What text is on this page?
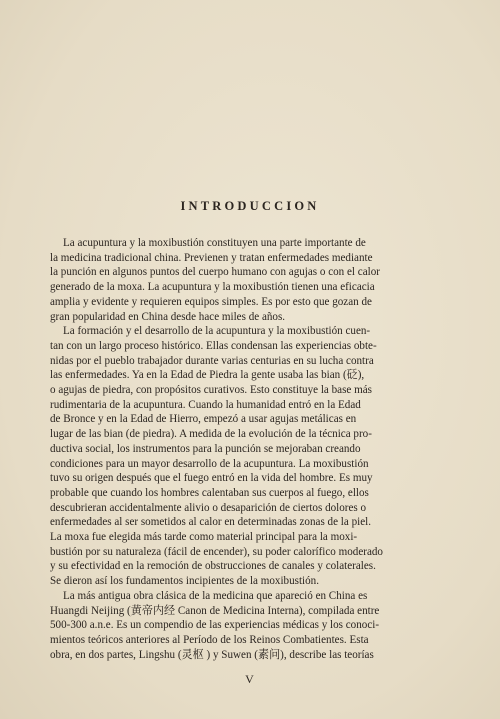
INTRODUCCION
La acupuntura y la moxibustión constituyen una parte importante de
la medicina tradicional china. Previenen y tratan enfermedades mediante
la punción en algunos puntos del cuerpo humano con agujas o con el calor
generado de la moxa. La acupuntura y la moxibustión tienen una eficacia
amplia y evidente y requieren equipos simples. Es por esto que gozan de
gran popularidad en China desde hace miles de años.
La formación y el desarrollo de la acupuntura y la moxibustión cuen-
tan con un largo proceso histórico. Ellas condensan las experiencias obte-
nidas por el pueblo trabajador durante varias centurias en su lucha contra
las enfermedades. Ya en la Edad de Piedra la gente usaba las bian (砭),
o agujas de piedra, con propósitos curativos. Esto constituye la base más
rudimentaria de la acupuntura. Cuando la humanidad entró en la Edad
de Bronce y en la Edad de Hierro, empezó a usar agujas metálicas en
lugar de las bian (de piedra). A medida de la evolución de la técnica pro-
ductiva social, los instrumentos para la punción se mejoraban creando
condiciones para un mayor desarrollo de la acupuntura. La moxibustión
tuvo su origen después que el fuego entró en la vida del hombre. Es muy
probable que cuando los hombres calentaban sus cuerpos al fuego, ellos
descubrieran accidentalmente alivio o desaparición de ciertos dolores o
enfermedades al ser sometidos al calor en determinadas zonas de la piel.
La moxa fue elegida más tarde como material principal para la moxi-
bustión por su naturaleza (fácil de encender), su poder calorífico moderado
y su efectividad en la remoción de obstrucciones de canales y colaterales.
Se dieron así los fundamentos incipientes de la moxibustión.
La más antigua obra clásica de la medicina que apareció en China es
Huangdi Neijing (黄帝内经 Canon de Medicina Interna), compilada entre
500-300 a.n.e. Es un compendio de las experiencias médicas y los conoci-
mientos teóricos anteriores al Período de los Reinos Combatientes. Esta
obra, en dos partes, Lingshu (灵枢 ) y Suwen (素问), describe las teorías
V
